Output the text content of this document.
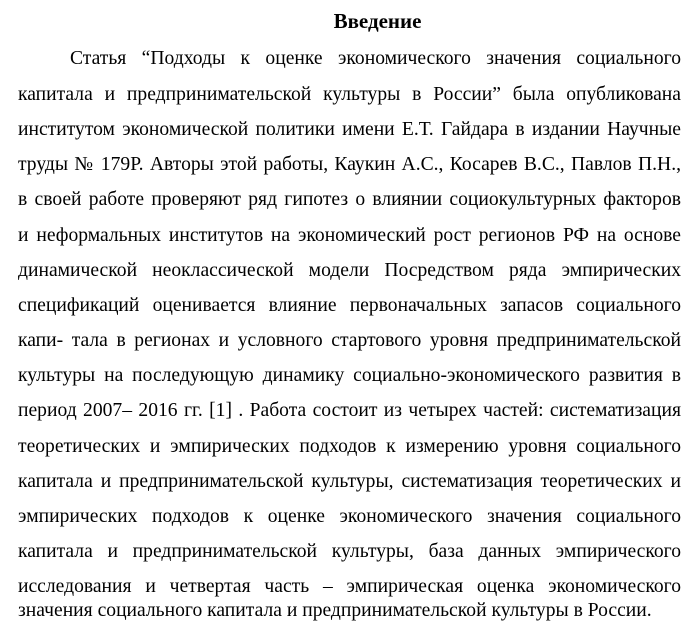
Введение
Статья “Подходы к оценке экономического значения социального
капитала и предпринимательской культуры в России” была опубликована
институтом экономической политики имени Е.Т. Гайдара в издании Научные
труды № 179Р. Авторы этой работы, Каукин А.С., Косарев В.С., Павлов П.Н.,
в своей работе проверяют ряд гипотез о влиянии социокультурных факторов
и неформальных институтов на экономический рост регионов РФ на основе
динамической неоклассической модели Посредством ряда эмпирических
спецификаций оценивается влияние первоначальных запасов социального
капи- тала в регионах и условного стартового уровня предпринимательской
культуры на последующую динамику социально-экономического развития в
период 2007– 2016 гг. [1] . Работа состоит из четырех частей: систематизация
теоретических и эмпирических подходов к измерению уровня социального
капитала и предпринимательской культуры, систематизация теоретических и
эмпирических подходов к оценке экономического значения социального
капитала и предпринимательской культуры, база данных эмпирического
исследования и четвертая часть – эмпирическая оценка экономического
значения социального капитала и предпринимательской культуры в России.
